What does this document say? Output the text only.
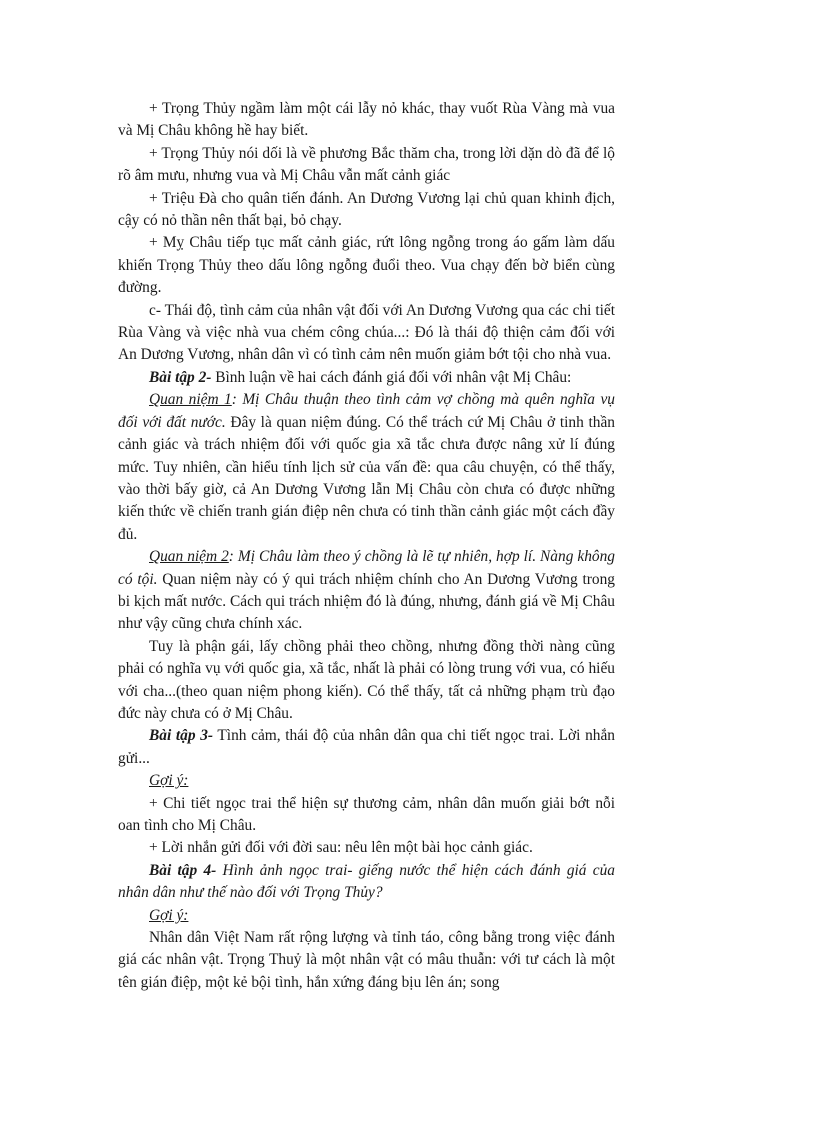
+ Trọng Thủy ngầm làm một cái lẫy nỏ khác, thay vuốt Rùa Vàng mà vua và Mị Châu không hề hay biết.

+ Trọng Thủy nói dối là về phương Bắc thăm cha, trong lời dặn dò đã để lộ rõ âm mưu, nhưng vua và Mị Châu vẫn mất cảnh giác

+ Triệu Đà cho quân tiến đánh. An Dương Vương lại chủ quan khinh địch, cậy có nỏ thần nên thất bại, bỏ chạy.

+ Mỵ Châu tiếp tục mất cảnh giác, rứt lông ngỗng trong áo gấm làm dấu khiến Trọng Thủy theo dấu lông ngỗng đuổi theo. Vua chạy đến bờ biển cùng đường.

c- Thái độ, tình cảm của nhân vật đối với An Dương Vương qua các chi tiết Rùa Vàng và việc nhà vua chém công chúa...: Đó là thái độ thiện cảm đối với An Dương Vương, nhân dân vì có tình cảm nên muốn giảm bớt tội cho nhà vua.

Bài tập 2- Bình luận về hai cách đánh giá đối với nhân vật Mị Châu:

Quan niệm 1: Mị Châu thuận theo tình cảm vợ chồng mà quên nghĩa vụ đối với đất nước. Đây là quan niệm đúng. Có thể trách cứ Mị Châu ở tinh thần cảnh giác và trách nhiệm đối với quốc gia xã tắc chưa được nâng xử lí đúng mức. Tuy nhiên, cần hiểu tính lịch sử của vấn đề: qua câu chuyện, có thể thấy, vào thời bấy giờ, cả An Dương Vương lẫn Mị Châu còn chưa có được những kiến thức về chiến tranh gián điệp nên chưa có tinh thần cảnh giác một cách đầy đủ.

Quan niệm 2: Mị Châu làm theo ý chồng là lẽ tự nhiên, hợp lí. Nàng không có tội. Quan niệm này có ý qui trách nhiệm chính cho An Dương Vương trong bi kịch mất nước. Cách qui trách nhiệm đó là đúng, nhưng, đánh giá về Mị Châu như vậy cũng chưa chính xác.

Tuy là phận gái, lấy chồng phải theo chồng, nhưng đồng thời nàng cũng phải có nghĩa vụ với quốc gia, xã tắc, nhất là phải có lòng trung với vua, có hiếu với cha...(theo quan niệm phong kiến). Có thể thấy, tất cả những phạm trù đạo đức này chưa có ở Mị Châu.

Bài tập 3- Tình cảm, thái độ của nhân dân qua chi tiết ngọc trai. Lời nhắn gửi...

Gợi ý:

+ Chi tiết ngọc trai thể hiện sự thương cảm, nhân dân muốn giải bớt nỗi oan tình cho Mị Châu.

+ Lời nhắn gửi đối với đời sau: nêu lên một bài học cảnh giác.

Bài tập 4- Hình ảnh ngọc trai- giếng nước thể hiện cách đánh giá của nhân dân như thế nào đối với Trọng Thủy?

Gợi ý:

Nhân dân Việt Nam rất rộng lượng và tỉnh táo, công bằng trong việc đánh giá các nhân vật. Trọng Thuỷ là một nhân vật có mâu thuẫn: với tư cách là một tên gián điệp, một kẻ bội tình, hắn xứng đáng bịu lên án; song
